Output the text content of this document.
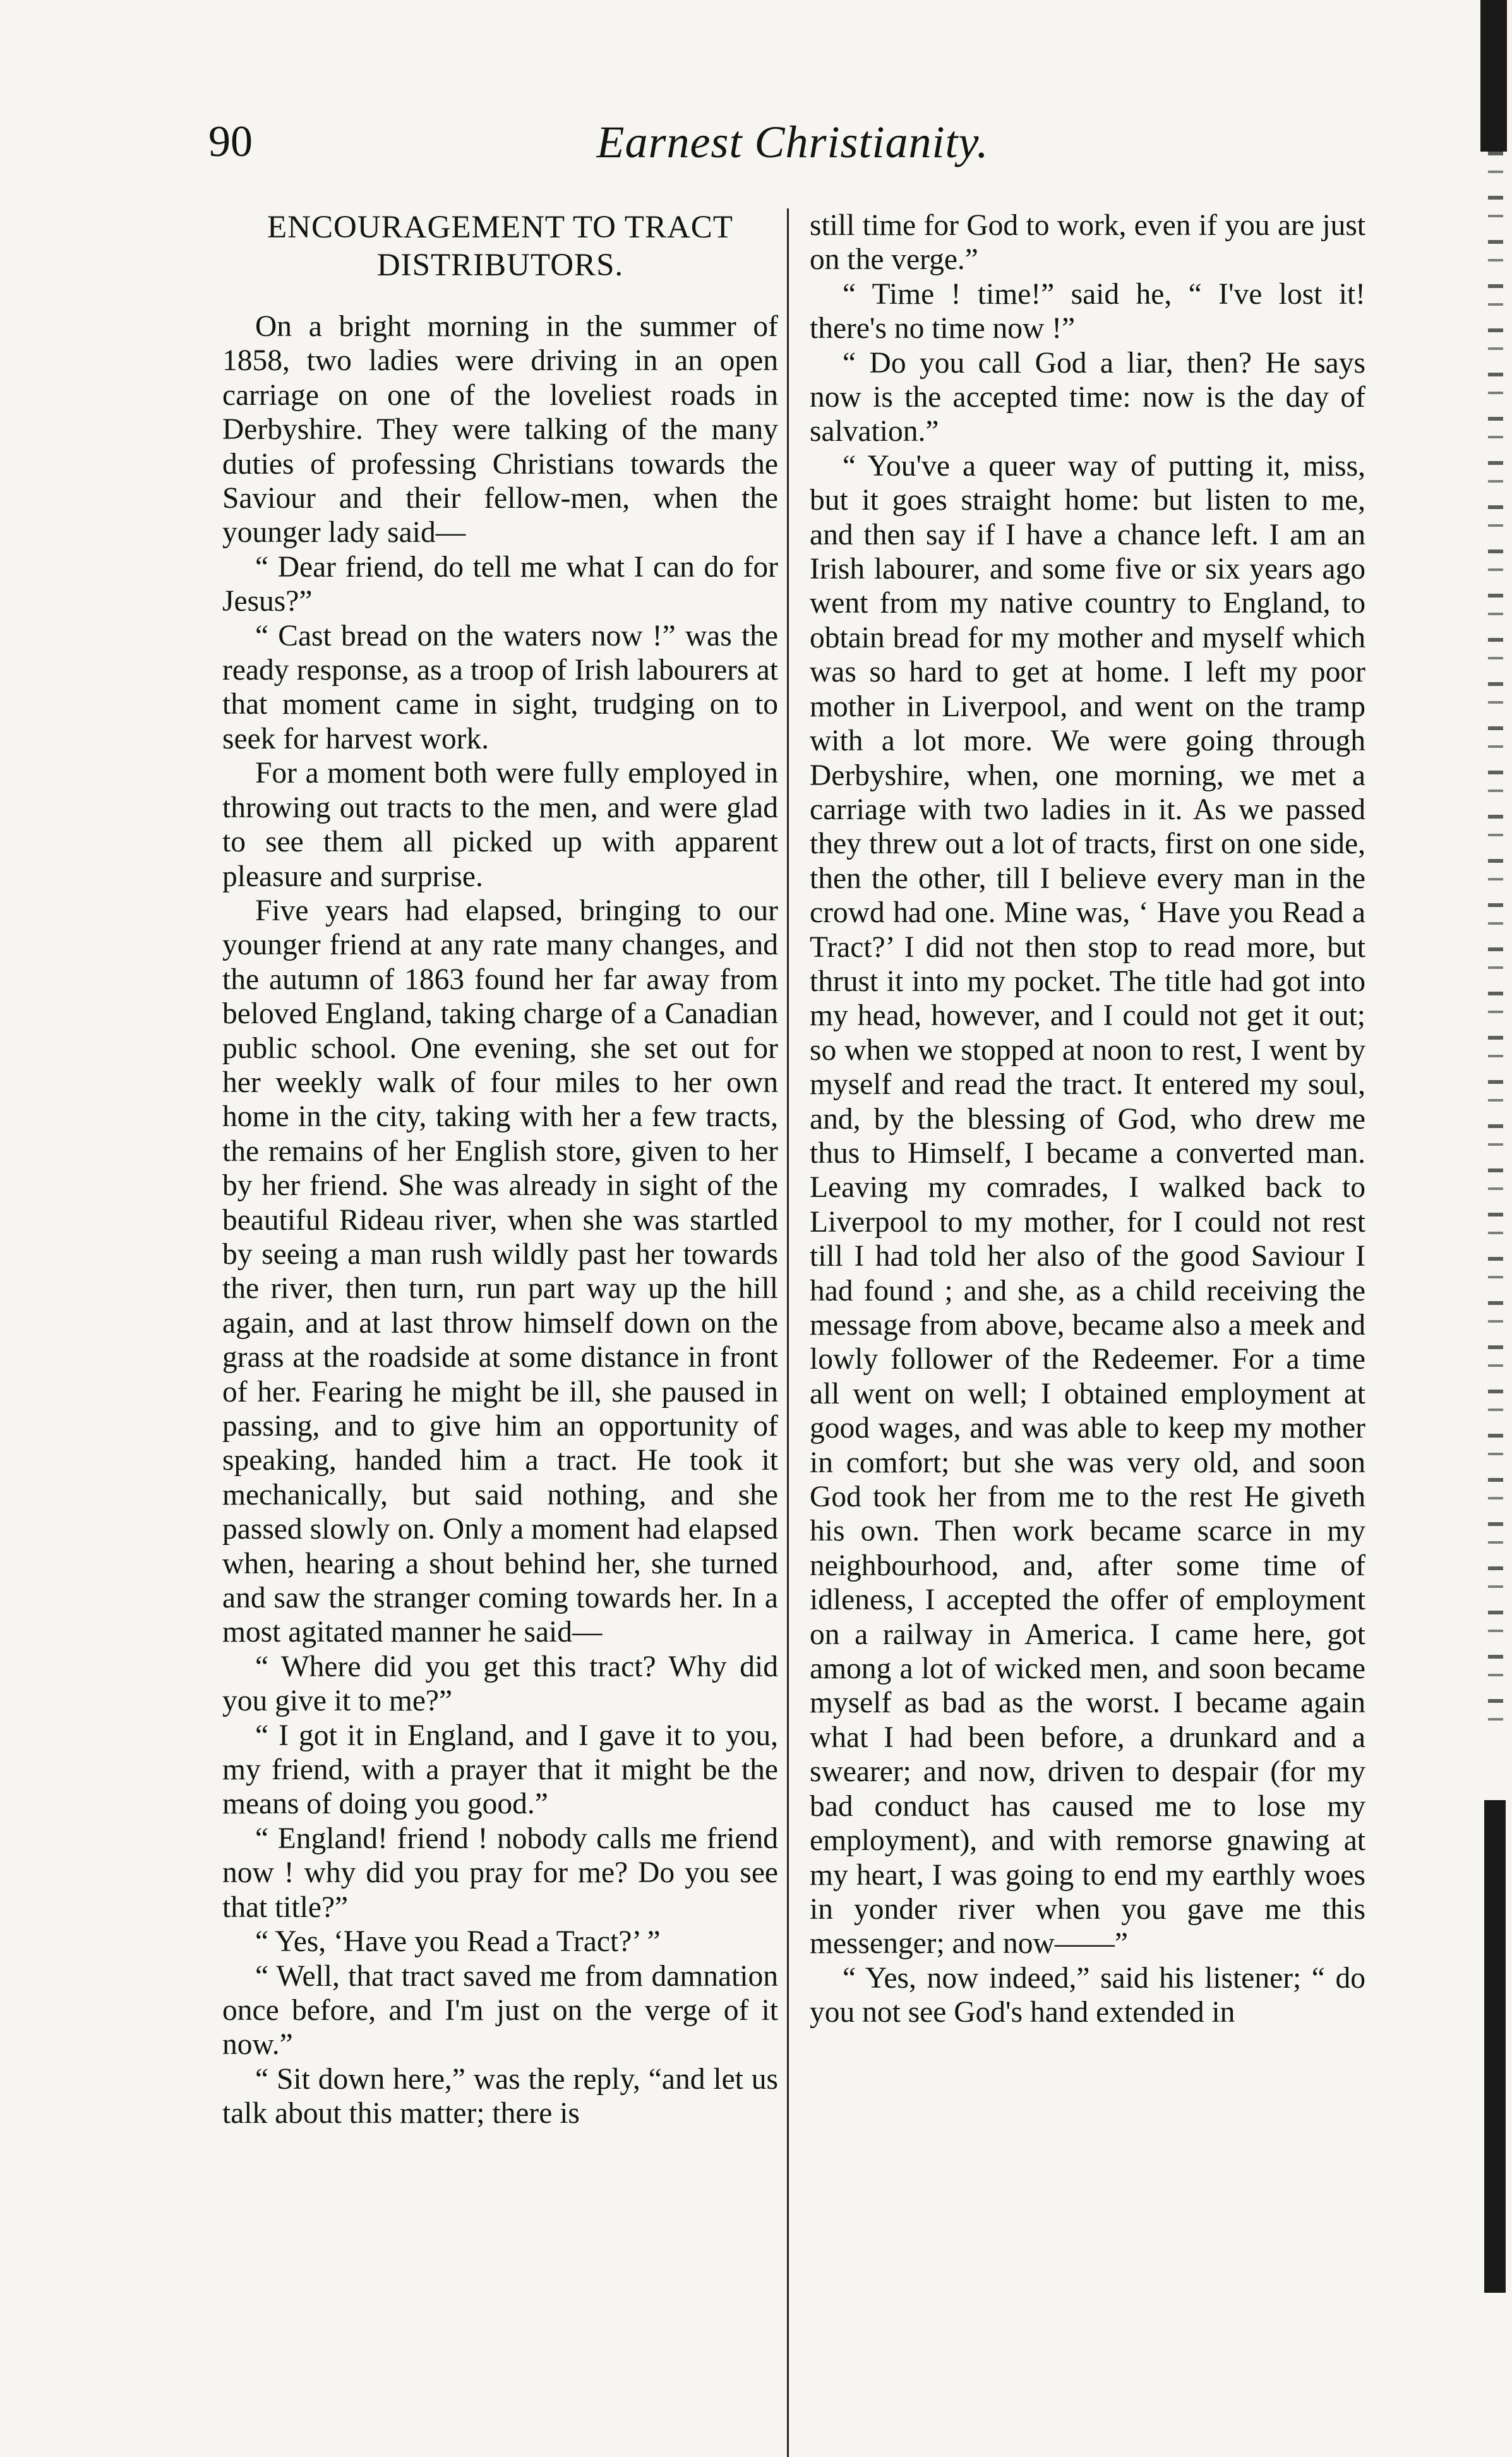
90	Earnest Christianity.
ENCOURAGEMENT TO TRACT DISTRIBUTORS.

On a bright morning in the summer of 1858, two ladies were driving in an open carriage on one of the loveliest roads in Derbyshire. They were talking of the many duties of professing Christians towards the Saviour and their fellow-men, when the younger lady said—

“ Dear friend, do tell me what I can do for Jesus?”

“ Cast bread on the waters now !” was the ready response, as a troop of Irish labourers at that moment came in sight, trudging on to seek for harvest work.

For a moment both were fully employed in throwing out tracts to the men, and were glad to see them all picked up with apparent pleasure and surprise.

Five years had elapsed, bringing to our younger friend at any rate many changes, and the autumn of 1863 found her far away from beloved England, taking charge of a Canadian public school. One evening, she set out for her weekly walk of four miles to her own home in the city, taking with her a few tracts, the remains of her English store, given to her by her friend. She was already in sight of the beautiful Rideau river, when she was startled by seeing a man rush wildly past her towards the river, then turn, run part way up the hill again, and at last throw himself down on the grass at the roadside at some distance in front of her. Fearing he might be ill, she paused in passing, and to give him an opportunity of speaking, handed him a tract. He took it mechanically, but said nothing, and she passed slowly on. Only a moment had elapsed when, hearing a shout behind her, she turned and saw the stranger coming towards her. In a most agitated manner he said—

“ Where did you get this tract? Why did you give it to me?”

“ I got it in England, and I gave it to you, my friend, with a prayer that it might be the means of doing you good.”

“ England! friend ! nobody calls me friend now ! why did you pray for me? Do you see that title?”

“ Yes, ‘Have you Read a Tract?’ ”

“ Well, that tract saved me from damnation once before, and I'm just on the verge of it now.”

“ Sit down here,” was the reply, “and let us talk about this matter; there is

still time for God to work, even if you are just on the verge.”

“ Time ! time!” said he, “ I've lost it! there's no time now !”

“ Do you call God a liar, then? He says now is the accepted time: now is the day of salvation.”

“ You've a queer way of putting it, miss, but it goes straight home: but listen to me, and then say if I have a chance left. I am an Irish labourer, and some five or six years ago went from my native country to England, to obtain bread for my mother and myself which was so hard to get at home. I left my poor mother in Liverpool, and went on the tramp with a lot more. We were going through Derbyshire, when, one morning, we met a carriage with two ladies in it. As we passed they threw out a lot of tracts, first on one side, then the other, till I believe every man in the crowd had one. Mine was, ‘ Have you Read a Tract?’ I did not then stop to read more, but thrust it into my pocket. The title had got into my head, however, and I could not get it out; so when we stopped at noon to rest, I went by myself and read the tract. It entered my soul, and, by the blessing of God, who drew me thus to Himself, I became a converted man. Leaving my comrades, I walked back to Liverpool to my mother, for I could not rest till I had told her also of the good Saviour I had found ; and she, as a child receiving the message from above, became also a meek and lowly follower of the Redeemer. For a time all went on well; I obtained employment at good wages, and was able to keep my mother in comfort; but she was very old, and soon God took her from me to the rest He giveth his own. Then work became scarce in my neighbourhood, and, after some time of idleness, I accepted the offer of employment on a railway in America. I came here, got among a lot of wicked men, and soon became myself as bad as the worst. I became again what I had been before, a drunkard and a swearer; and now, driven to despair (for my bad conduct has caused me to lose my employment), and with remorse gnawing at my heart, I was going to end my earthly woes in yonder river when you gave me this messenger; and now——”

“ Yes, now indeed,” said his listener; “ do you not see God's hand extended in
